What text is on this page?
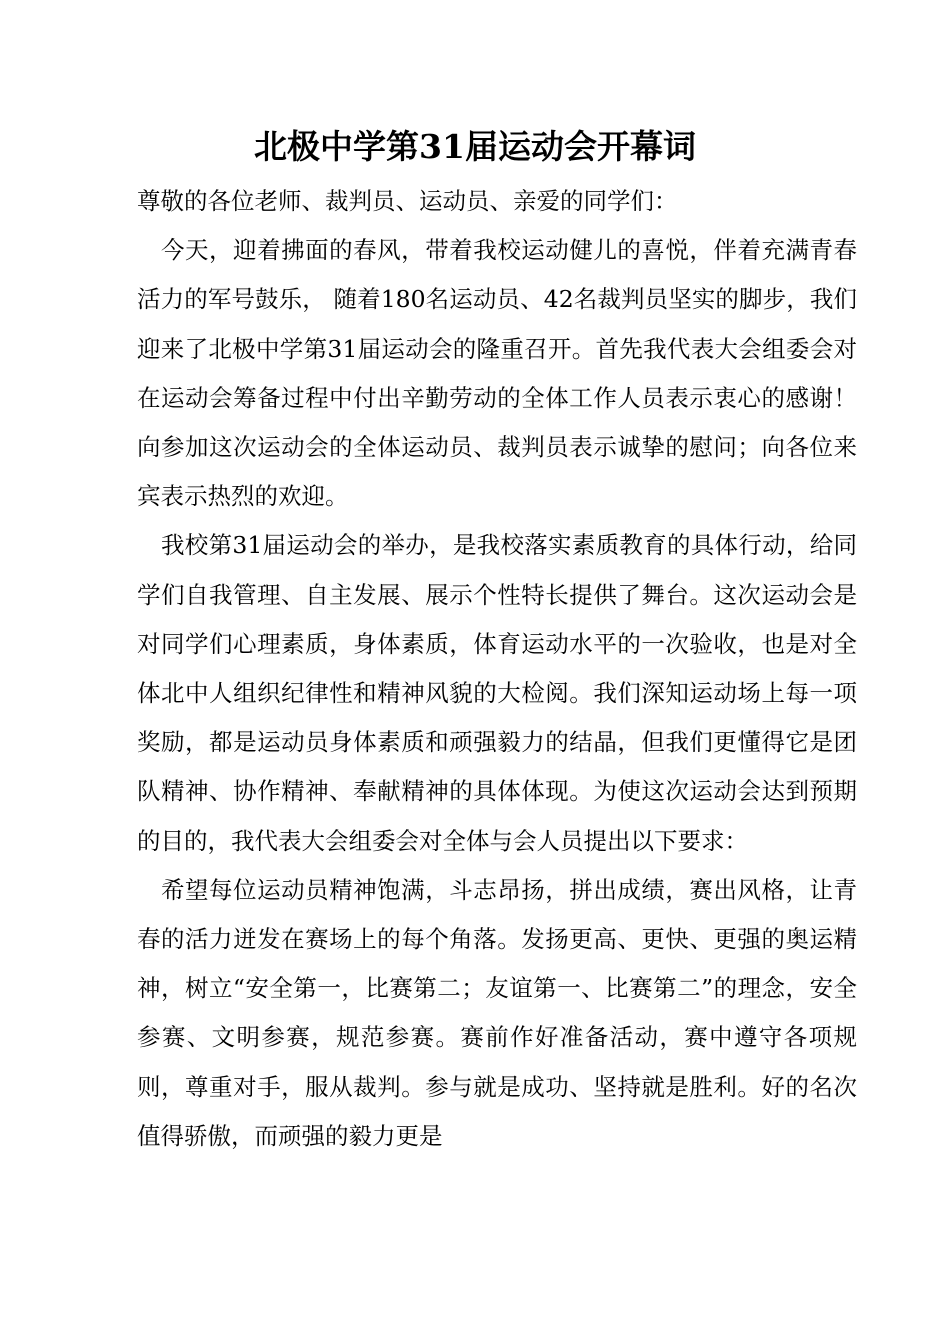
北极中学第31届运动会开幕词

尊敬的各位老师、裁判员、运动员、亲爱的同学们：

今天，迎着拂面的春风，带着我校运动健儿的喜悦，伴着充满青春活力的军号鼓乐， 随着180名运动员、42名裁判员坚实的脚步，我们迎来了北极中学第31届运动会的隆重召开。首先我代表大会组委会对在运动会筹备过程中付出辛勤劳动的全体工作人员表示衷心的感谢！向参加这次运动会的全体运动员、裁判员表示诚挚的慰问；向各位来宾表示热烈的欢迎。

我校第31届运动会的举办，是我校落实素质教育的具体行动，给同学们自我管理、自主发展、展示个性特长提供了舞台。这次运动会是对同学们心理素质，身体素质，体育运动水平的一次验收，也是对全体北中人组织纪律性和精神风貌的大检阅。我们深知运动场上每一项奖励，都是运动员身体素质和顽强毅力的结晶，但我们更懂得它是团队精神、协作精神、奉献精神的具体体现。为使这次运动会达到预期的目的，我代表大会组委会对全体与会人员提出以下要求：

希望每位运动员精神饱满，斗志昂扬，拼出成绩，赛出风格，让青春的活力迸发在赛场上的每个角落。发扬更高、更快、更强的奥运精神，树立“安全第一，比赛第二；友谊第一、比赛第二”的理念，安全参赛、文明参赛，规范参赛。赛前作好准备活动，赛中遵守各项规则，尊重对手，服从裁判。参与就是成功、坚持就是胜利。好的名次值得骄傲，而顽强的毅力更是
